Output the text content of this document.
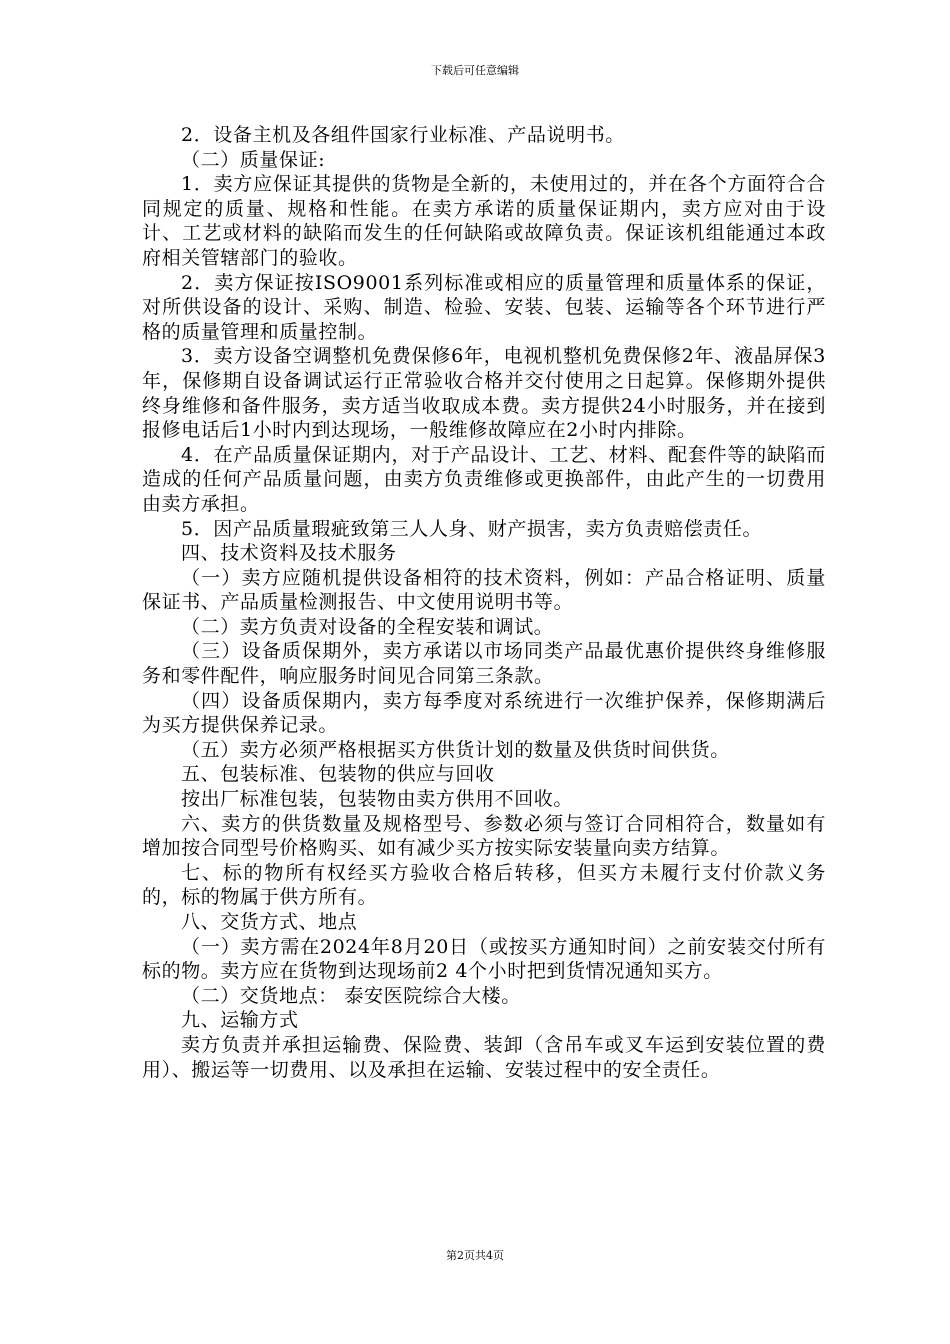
下载后可任意编辑

2．设备主机及各组件国家行业标准、产品说明书。

（二）质量保证:

1．卖方应保证其提供的货物是全新的，未使用过的，并在各个方面符合合同规定的质量、规格和性能。在卖方承诺的质量保证期内，卖方应对由于设计、工艺或材料的缺陷而发生的任何缺陷或故障负责。保证该机组能通过本政府相关管辖部门的验收。

2．卖方保证按ISO9001系列标准或相应的质量管理和质量体系的保证，对所供设备的设计、采购、制造、检验、安装、包装、运输等各个环节进行严格的质量管理和质量控制。

3．卖方设备空调整机免费保修6年，电视机整机免费保修2年、液晶屏保3年，保修期自设备调试运行正常验收合格并交付使用之日起算。保修期外提供终身维修和备件服务，卖方适当收取成本费。卖方提供24小时服务，并在接到报修电话后1小时内到达现场，一般维修故障应在2小时内排除。

4．在产品质量保证期内，对于产品设计、工艺、材料、配套件等的缺陷而造成的任何产品质量问题，由卖方负责维修或更换部件，由此产生的一切费用由卖方承担。

5．因产品质量瑕疵致第三人人身、财产损害，卖方负责赔偿责任。

四、技术资料及技术服务

（一）卖方应随机提供设备相符的技术资料，例如：产品合格证明、质量保证书、产品质量检测报告、中文使用说明书等。

（二）卖方负责对设备的全程安装和调试。

（三）设备质保期外，卖方承诺以市场同类产品最优惠价提供终身维修服务和零件配件，响应服务时间见合同第三条款。

（四）设备质保期内，卖方每季度对系统进行一次维护保养，保修期满后为买方提供保养记录。

（五）卖方必须严格根据买方供货计划的数量及供货时间供货。

五、包装标准、包装物的供应与回收

按出厂标准包装，包装物由卖方供用不回收。

六、卖方的供货数量及规格型号、参数必须与签订合同相符合，数量如有增加按合同型号价格购买、如有减少买方按实际安装量向卖方结算。

七、标的物所有权经买方验收合格后转移，但买方未履行支付价款义务的，标的物属于供方所有。

八、交货方式、地点

（一）卖方需在2024年8月20日（或按买方通知时间）之前安装交付所有标的物。卖方应在货物到达现场前2 4个小时把到货情况通知买方。

（二）交货地点： 泰安医院综合大楼。

九、运输方式

卖方负责并承担运输费、保险费、装卸（含吊车或叉车运到安装位置的费用）、搬运等一切费用、以及承担在运输、安装过程中的安全责任。

第2页共4页
